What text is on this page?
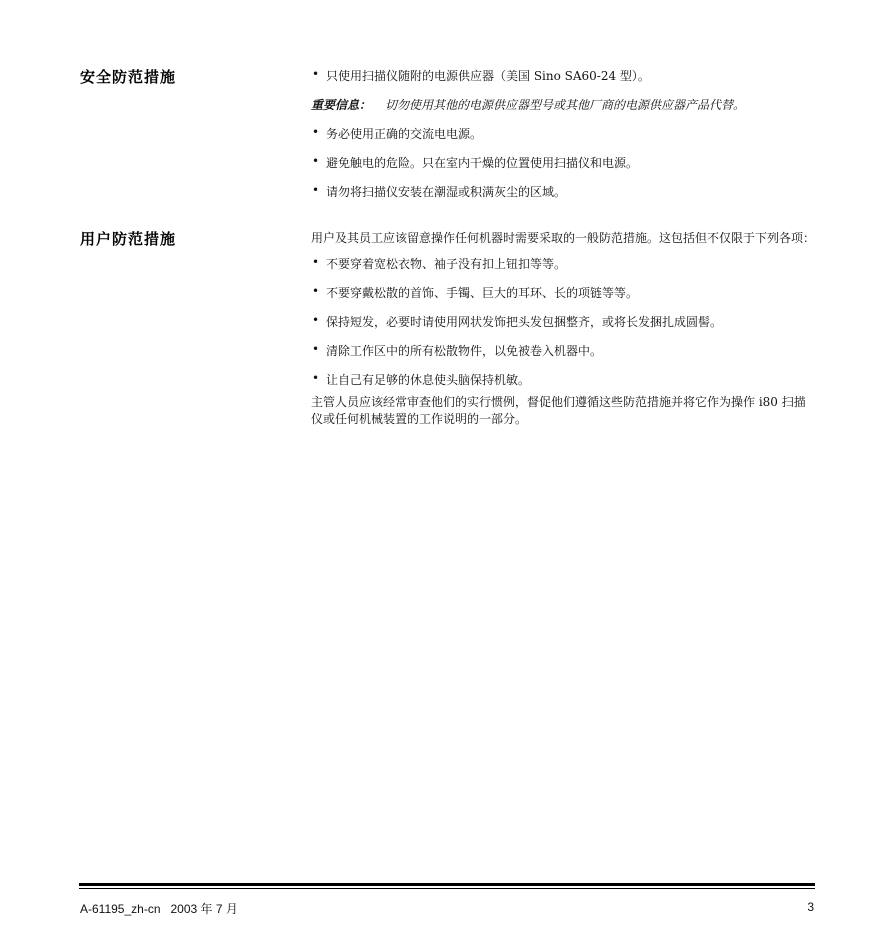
安全防范措施	• 只使用扫描仪随附的电源供应器（美国 Sino SA60-24 型）。
重要信息： 切勿使用其他的电源供应器型号或其他厂商的电源供应器产品代替。
• 务必使用正确的交流电电源。
• 避免触电的危险。只在室内干燥的位置使用扫描仪和电源。
• 请勿将扫描仪安装在潮湿或积满灰尘的区域。
用户防范措施	用户及其员工应该留意操作任何机器时需要采取的一般防范措施。这包括但不仅限于下列各项：

• 不要穿着宽松衣物、袖子没有扣上钮扣等等。
• 不要穿戴松散的首饰、手镯、巨大的耳环、长的项链等等。
• 保持短发，必要时请使用网状发饰把头发包捆整齐，或将长发捆扎成圆髻。
• 清除工作区中的所有松散物件，以免被卷入机器中。
• 让自己有足够的休息使头脑保持机敏。

主管人员应该经常审查他们的实行惯例，督促他们遵循这些防范措施并将它作为操作 i80 扫描仪或任何机械装置的工作说明的一部分。

A-61195_zh-cn   2003 年 7 月	3
